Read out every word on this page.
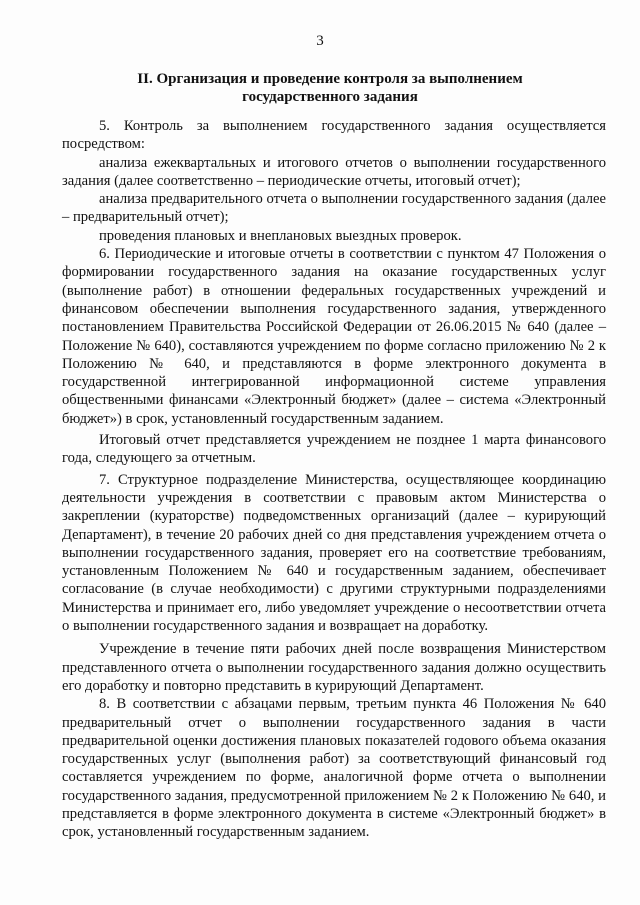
3
II. Организация и проведение контроля за выполнением
государственного задания

5. Контроль за выполнением государственного задания осуществляется посредством:

анализа ежеквартальных и итогового отчетов о выполнении государственного задания (далее соответственно – периодические отчеты, итоговый отчет);

анализа предварительного отчета о выполнении государственного задания (далее – предварительный отчет);

проведения плановых и внеплановых выездных проверок.

6. Периодические и итоговые отчеты в соответствии с пунктом 47 Положения о формировании государственного задания на оказание государственных услуг (выполнение работ) в отношении федеральных государственных учреждений и финансовом обеспечении выполнения государственного задания, утвержденного постановлением Правительства Российской Федерации от 26.06.2015 № 640 (далее – Положение № 640), составляются учреждением по форме согласно приложению № 2 к Положению № 640, и представляются в форме электронного документа в государственной интегрированной информационной системе управления общественными финансами «Электронный бюджет» (далее – система «Электронный бюджет») в срок, установленный государственным заданием.

Итоговый отчет представляется учреждением не позднее 1 марта финансового года, следующего за отчетным.

7. Структурное подразделение Министерства, осуществляющее координацию деятельности учреждения в соответствии с правовым актом Министерства о закреплении (кураторстве) подведомственных организаций (далее – курирующий Департамент), в течение 20 рабочих дней со дня представления учреждением отчета о выполнении государственного задания, проверяет его на соответствие требованиям, установленным Положением № 640 и государственным заданием, обеспечивает согласование (в случае необходимости) с другими структурными подразделениями Министерства и принимает его, либо уведомляет учреждение о несоответствии отчета о выполнении государственного задания и возвращает на доработку.

Учреждение в течение пяти рабочих дней после возвращения Министерством представленного отчета о выполнении государственного задания должно осуществить его доработку и повторно представить в курирующий Департамент.

8. В соответствии с абзацами первым, третьим пункта 46 Положения № 640 предварительный отчет о выполнении государственного задания в части предварительной оценки достижения плановых показателей годового объема оказания государственных услуг (выполнения работ) за соответствующий финансовый год составляется учреждением по форме, аналогичной форме отчета о выполнении государственного задания, предусмотренной приложением № 2 к Положению № 640, и представляется в форме электронного документа в системе «Электронный бюджет» в срок, установленный государственным заданием.
